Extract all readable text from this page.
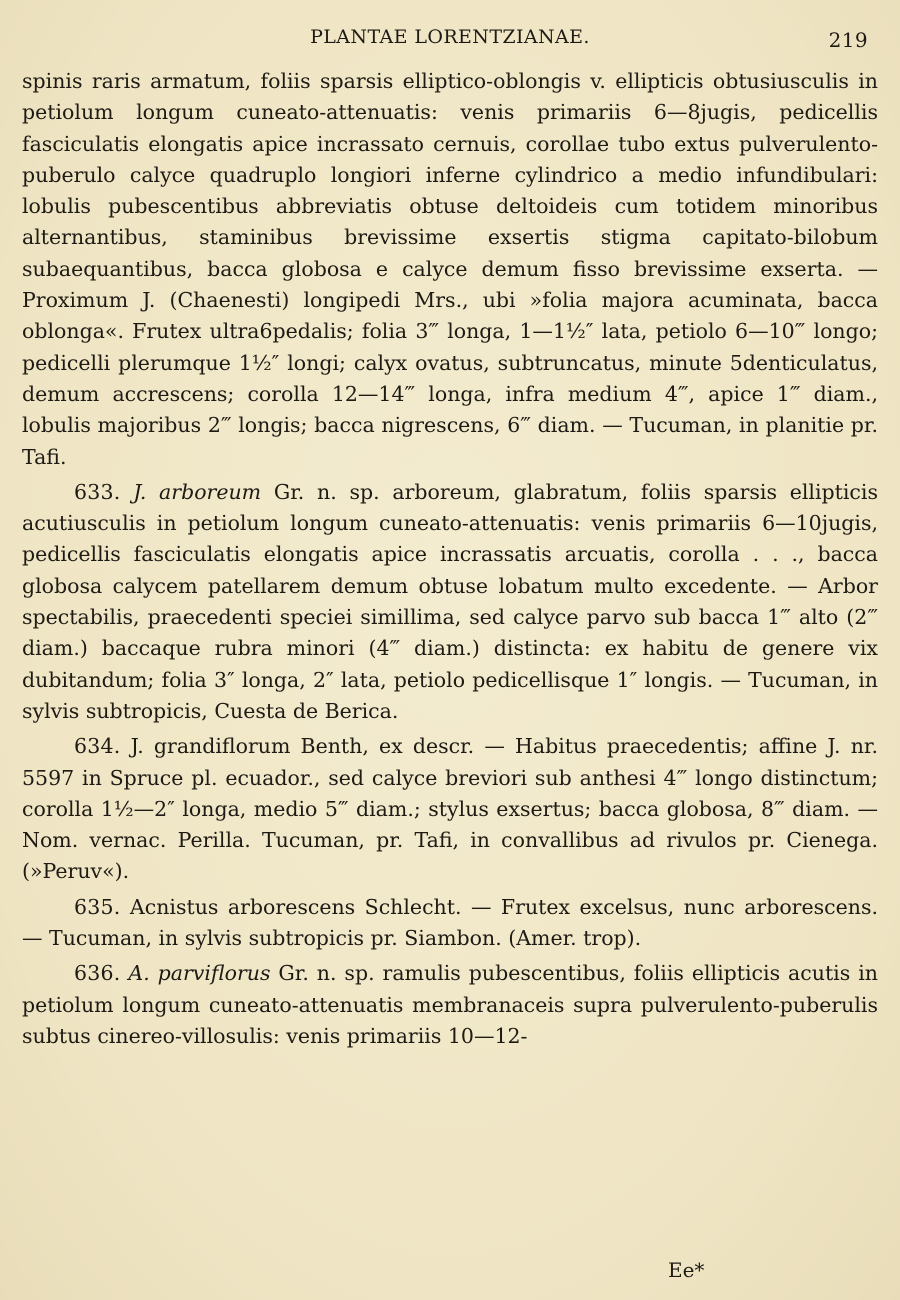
PLANTAE LORENTZIANAE.	219

spinis raris armatum, foliis sparsis elliptico-oblongis v. ellipticis obtusiusculis in petiolum longum cuneato-attenuatis: venis primariis 6—8jugis, pedicellis fasciculatis elongatis apice incrassato cernuis, corollae tubo extus pulverulento-puberulo calyce quadruplo longiori inferne cylindrico a medio infundibulari: lobulis pubescentibus abbreviatis obtuse deltoideis cum totidem minoribus alternantibus, staminibus brevissime exsertis stigma capitato-bilobum subaequantibus, bacca globosa e calyce demum fisso brevissime exserta. — Proximum J. (Chaenesti) longipedi Mrs., ubi »folia majora acuminata, bacca oblonga«. Frutex ultra6pedalis; folia 3‴ longa, 1—1½″ lata, petiolo 6—10‴ longo; pedicelli plerumque 1½″ longi; calyx ovatus, subtruncatus, minute 5denticulatus, demum accrescens; corolla 12—14‴ longa, infra medium 4‴, apice 1‴ diam., lobulis majoribus 2‴ longis; bacca nigrescens, 6‴ diam. — Tucuman, in planitie pr. Tafi.

633. J. arboreum Gr. n. sp. arboreum, glabratum, foliis sparsis ellipticis acutiusculis in petiolum longum cuneato-attenuatis: venis primariis 6—10jugis, pedicellis fasciculatis elongatis apice incrassatis arcuatis, corolla . . ., bacca globosa calycem patellarem demum obtuse lobatum multo excedente. — Arbor spectabilis, praecedenti speciei simillima, sed calyce parvo sub bacca 1‴ alto (2‴ diam.) baccaque rubra minori (4‴ diam.) distincta: ex habitu de genere vix dubitandum; folia 3″ longa, 2″ lata, petiolo pedicellisque 1″ longis. — Tucuman, in sylvis subtropicis, Cuesta de Berica.

634. J. grandiflorum Benth, ex descr. — Habitus praecedentis; affine J. nr. 5597 in Spruce pl. ecuador., sed calyce breviori sub anthesi 4‴ longo distinctum; corolla 1½—2″ longa, medio 5‴ diam.; stylus exsertus; bacca globosa, 8‴ diam. — Nom. vernac. Perilla. Tucuman, pr. Tafi, in convallibus ad rivulos pr. Cienega. (»Peruv«).

635. Acnistus arborescens Schlecht. — Frutex excelsus, nunc arborescens. — Tucuman, in sylvis subtropicis pr. Siambon. (Amer. trop).

636. A. parviflorus Gr. n. sp. ramulis pubescentibus, foliis ellipticis acutis in petiolum longum cuneato-attenuatis membranaceis supra pulverulento-puberulis subtus cinereo-villosulis: venis primariis 10—12-

Ee*
